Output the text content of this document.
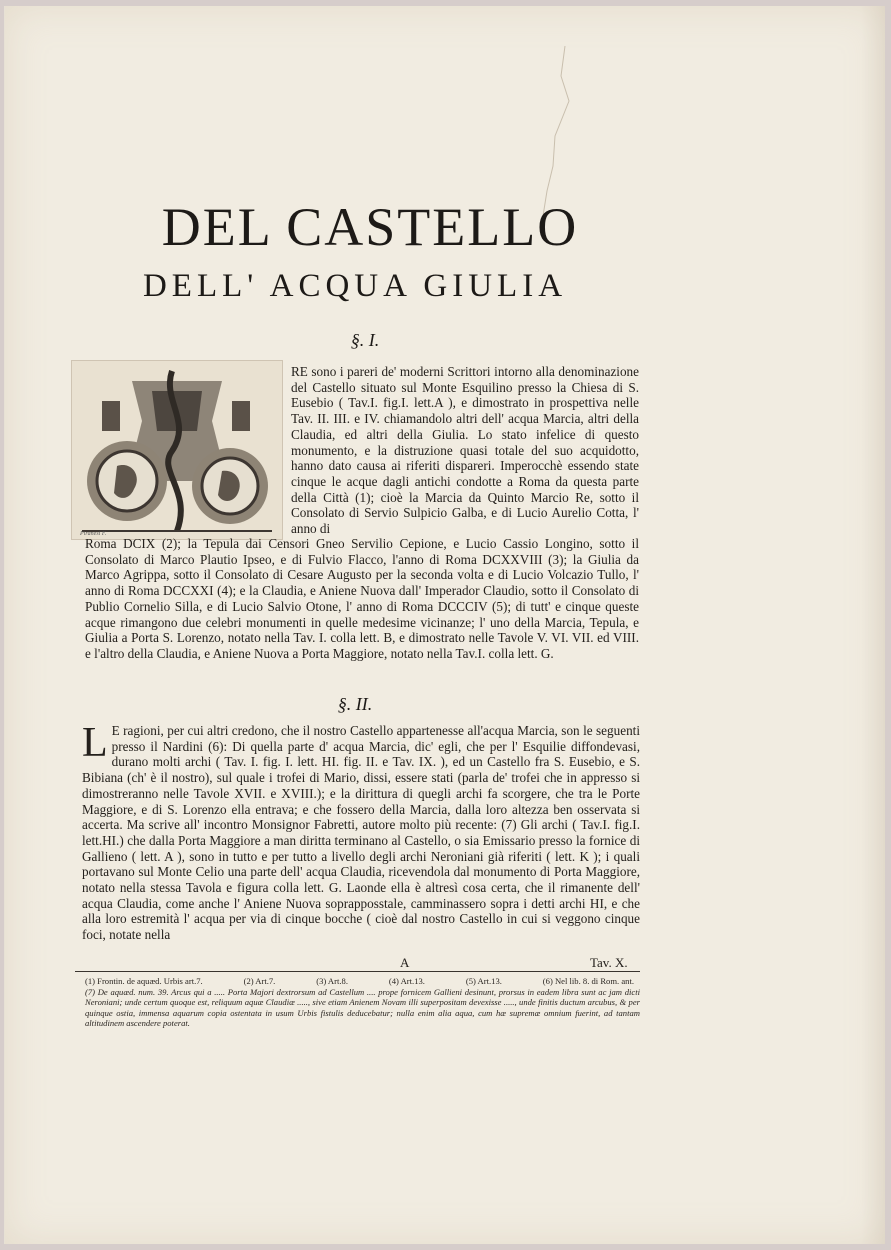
DEL CASTELLO
DELL' ACQUA GIULIA
§. I.
Piranesi F.
RE sono i pareri de' moderni Scrittori intorno alla denominazione del Castello situato sul Monte Esquilino presso la Chiesa di S. Eusebio ( Tav.I. fig.I. lett.A ), e dimostrato in prospettiva nelle Tav. II. III. e IV. chiamandolo altri dell' acqua Marcia, altri della Claudia, ed altri della Giulia. Lo stato infelice di questo monumento, e la distruzione quasi totale del suo acquidotto, hanno dato causa ai riferiti dispareri. Imperocchè essendo state cinque le acque dagli antichi condotte a Roma da questa parte della Città (1); cioè la Marcia da Quinto Marcio Re, sotto il Consolato di Servio Sulpicio Galba, e di Lucio Aurelio Cotta, l' anno di
Roma DCIX (2); la Tepula dai Censori Gneo Servilio Cepione, e Lucio Cassio Longino, sotto il Consolato di Marco Plautio Ipseo, e di Fulvio Flacco, l'anno di Roma DCXXVIII (3); la Giulia da Marco Agrippa, sotto il Consolato di Cesare Augusto per la seconda volta e di Lucio Volcazio Tullo, l' anno di Roma DCCXXI (4); e la Claudia, e Aniene Nuova dall' Imperador Claudio, sotto il Consolato di Publio Cornelio Silla, e di Lucio Salvio Otone, l' anno di Roma DCCCIV (5); di tutt' e cinque queste acque rimangono due celebri monumenti in quelle medesime vicinanze; l' uno della Marcia, Tepula, e Giulia a Porta S. Lorenzo, notato nella Tav. I. colla lett. B, e dimostrato nelle Tavole V. VI. VII. ed VIII. e l'altro della Claudia, e Aniene Nuova a Porta Maggiore, notato nella Tav.I. colla lett. G.
§. II.
L E ragioni, per cui altri credono, che il nostro Castello appartenesse all'acqua Marcia, son le seguenti presso il Nardini (6): Di quella parte d' acqua Marcia, dic' egli, che per l' Esquilie diffondevasi, durano molti archi ( Tav. I. fig. I. lett. HI. fig. II. e Tav. IX. ), ed un Castello fra S. Eusebio, e S. Bibiana (ch' è il nostro), sul quale i trofei di Mario, dissi, essere stati (parla de' trofei che in appresso si dimostreranno nelle Tavole XVII. e XVIII.); e la dirittura di quegli archi fa scorgere, che tra le Porte Maggiore, e di S. Lorenzo ella entrava; e che fossero della Marcia, dalla loro altezza ben osservata si accerta. Ma scrive all' incontro Monsignor Fabretti, autore molto più recente: (7) Gli archi ( Tav.I. fig.I. lett.HI.) che dalla Porta Maggiore a man diritta terminano al Castello, o sia Emissario presso la fornice di Gallieno ( lett. A ), sono in tutto e per tutto a livello degli archi Neroniani già riferiti ( lett. K ); i quali portavano sul Monte Celio una parte dell' acqua Claudia, ricevendola dal monumento di Porta Maggiore, notato nella stessa Tavola e figura colla lett. G. Laonde ella è altresì cosa certa, che il rimanente dell' acqua Claudia, come anche l' Aniene Nuova soprapposstale, camminassero sopra i detti archi HI, e che alla loro estremità l' acqua per via di cinque bocche ( cioè dal nostro Castello in cui si veggono cinque foci, notate nella
A	Tav. X.
(1) Frontin. de aquæd. Urbis art.7.	(2) Art.7.	(3) Art.8.	(4) Art.13.	(5) Art.13.	(6) Nel lib. 8. di Rom. ant.
(7) De aquæd. num. 39. Arcus qui a ..... Porta Majori dextrorsum ad Castellum .... prope fornicem Gallieni desinunt, prorsus in eadem libra sunt ac jam dicti Neroniani; unde certum quoque est, reliquum aquæ Claudiæ ....., sive etiam Anienem Novam illi superpositam devexisse ....., unde finitis ductum arcubus, & per quinque ostia, immensa aquarum copia ostentata in usum Urbis fistulis deducebatur; nulla enim alia aqua, cum hæ supremæ omnium fuerint, ad tantam altitudinem ascendere poterat.
